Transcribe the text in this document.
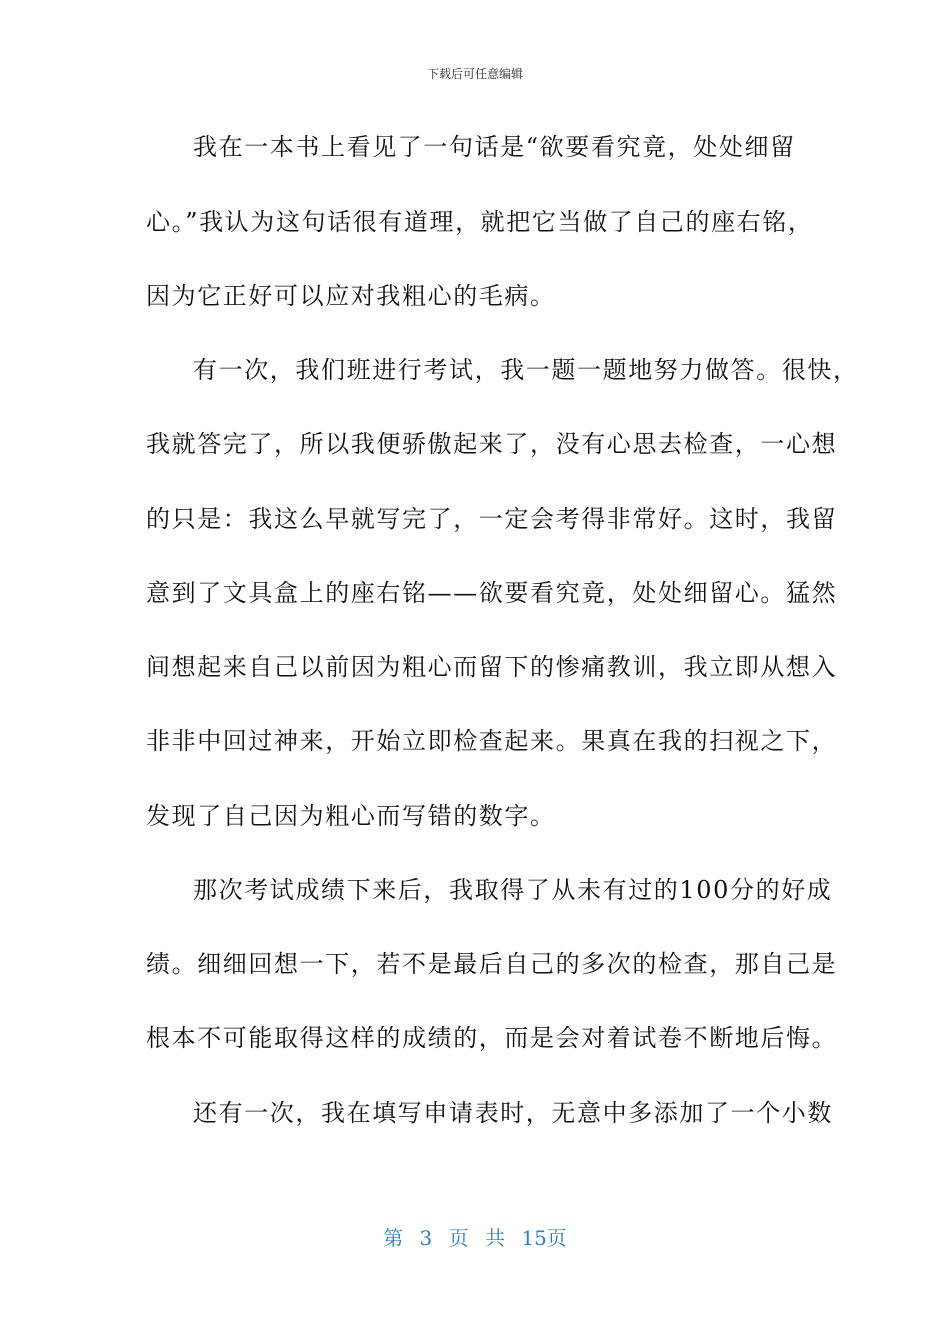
下载后可任意编辑
我在一本书上看见了一句话是“欲要看究竟，处处细留
心。”我认为这句话很有道理，就把它当做了自己的座右铭，
因为它正好可以应对我粗心的毛病。
有一次，我们班进行考试，我一题一题地努力做答。很快，
我就答完了，所以我便骄傲起来了，没有心思去检查，一心想
的只是：我这么早就写完了，一定会考得非常好。这时，我留
意到了文具盒上的座右铭——欲要看究竟，处处细留心。猛然
间想起来自己以前因为粗心而留下的惨痛教训，我立即从想入
非非中回过神来，开始立即检查起来。果真在我的扫视之下，
发现了自己因为粗心而写错的数字。
那次考试成绩下来后，我取得了从未有过的100分的好成
绩。细细回想一下，若不是最后自己的多次的检查，那自己是
根本不可能取得这样的成绩的，而是会对着试卷不断地后悔。
还有一次，我在填写申请表时，无意中多添加了一个小数
第 3 页 共 15页
